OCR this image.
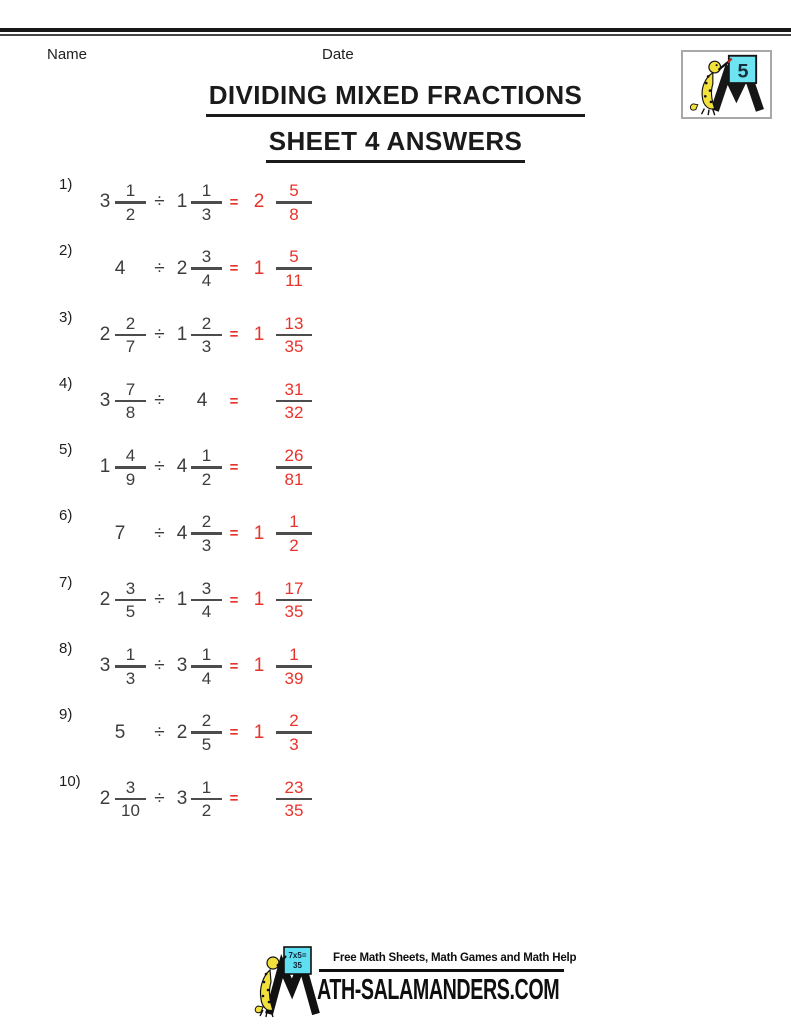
Name	Date
5
DIVIDING MIXED FRACTIONS
SHEET 4 ANSWERS
1)
$3 \frac{1}{2} \div 1 \frac{1}{3} = 2 \frac{5}{8}$
2)
4	÷ $2 \frac{3}{4} = 1 \frac{5}{11}$
3)
$2 \frac{2}{7} \div 1 \frac{2}{3} = 1 \frac{13}{35}$
4)
$3 \frac{7}{8}$ ÷	4	=	$\frac{31}{32}$
5)
$1 \frac{4}{9} \div 4 \frac{1}{2}$ =	$\frac{26}{81}$
6)
7	÷ $4 \frac{2}{3} = 1 \frac{1}{2}$
7)
$2 \frac{3}{5} \div 1 \frac{3}{4} = 1 \frac{17}{35}$
8)
$3 \frac{1}{3} \div 3 \frac{1}{4} = 1 \frac{1}{39}$
9)
5	÷ $2 \frac{2}{5} = 1 \frac{2}{3}$
10)
$2 \frac{3}{10} \div 3 \frac{1}{2}$ =	$\frac{23}{35}$
7x5=
35
Free Math Sheets, Math Games and Math Help
ATH-SALAMANDERS.COM
